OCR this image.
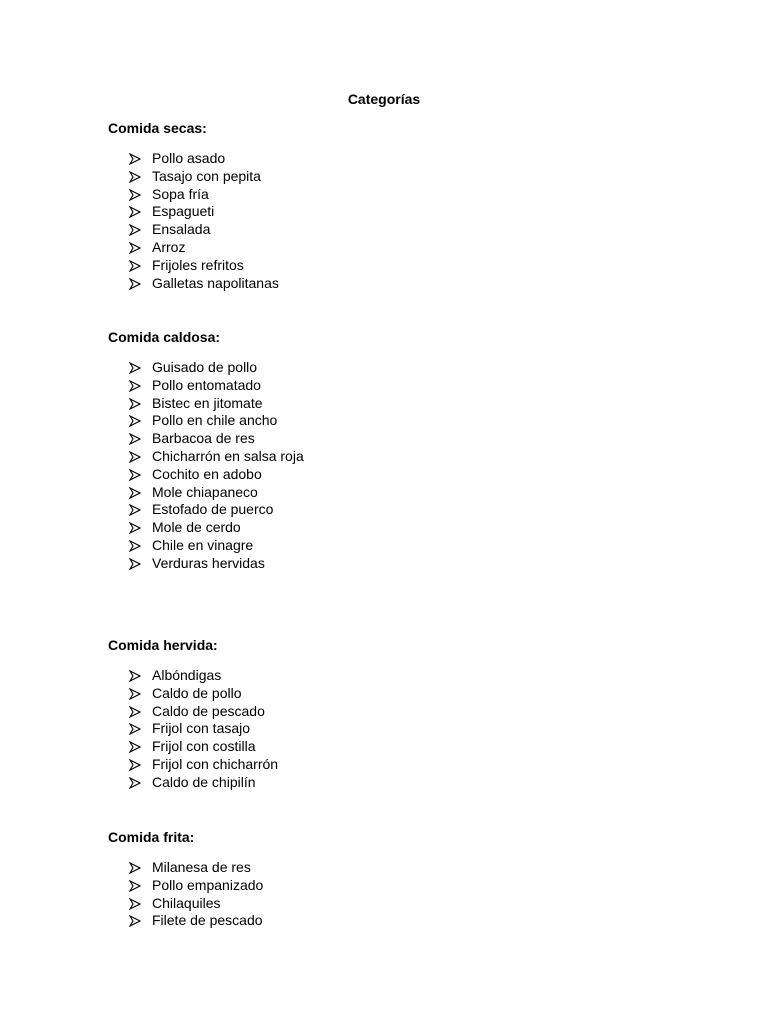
Categorías
Comida secas:
Pollo asado
Tasajo con pepita
Sopa fría
Espagueti
Ensalada
Arroz
Frijoles refritos
Galletas napolitanas
Comida caldosa:
Guisado de pollo
Pollo entomatado
Bistec en jitomate
Pollo en chile ancho
Barbacoa de res
Chicharrón en salsa roja
Cochito en adobo
Mole chiapaneco
Estofado de puerco
Mole de cerdo
Chile en vinagre
Verduras hervidas
Comida hervida:
Albóndigas
Caldo de pollo
Caldo de pescado
Frijol con tasajo
Frijol con costilla
Frijol con chicharrón
Caldo de chipilín
Comida frita:
Milanesa de res
Pollo empanizado
Chilaquiles
Filete de pescado
